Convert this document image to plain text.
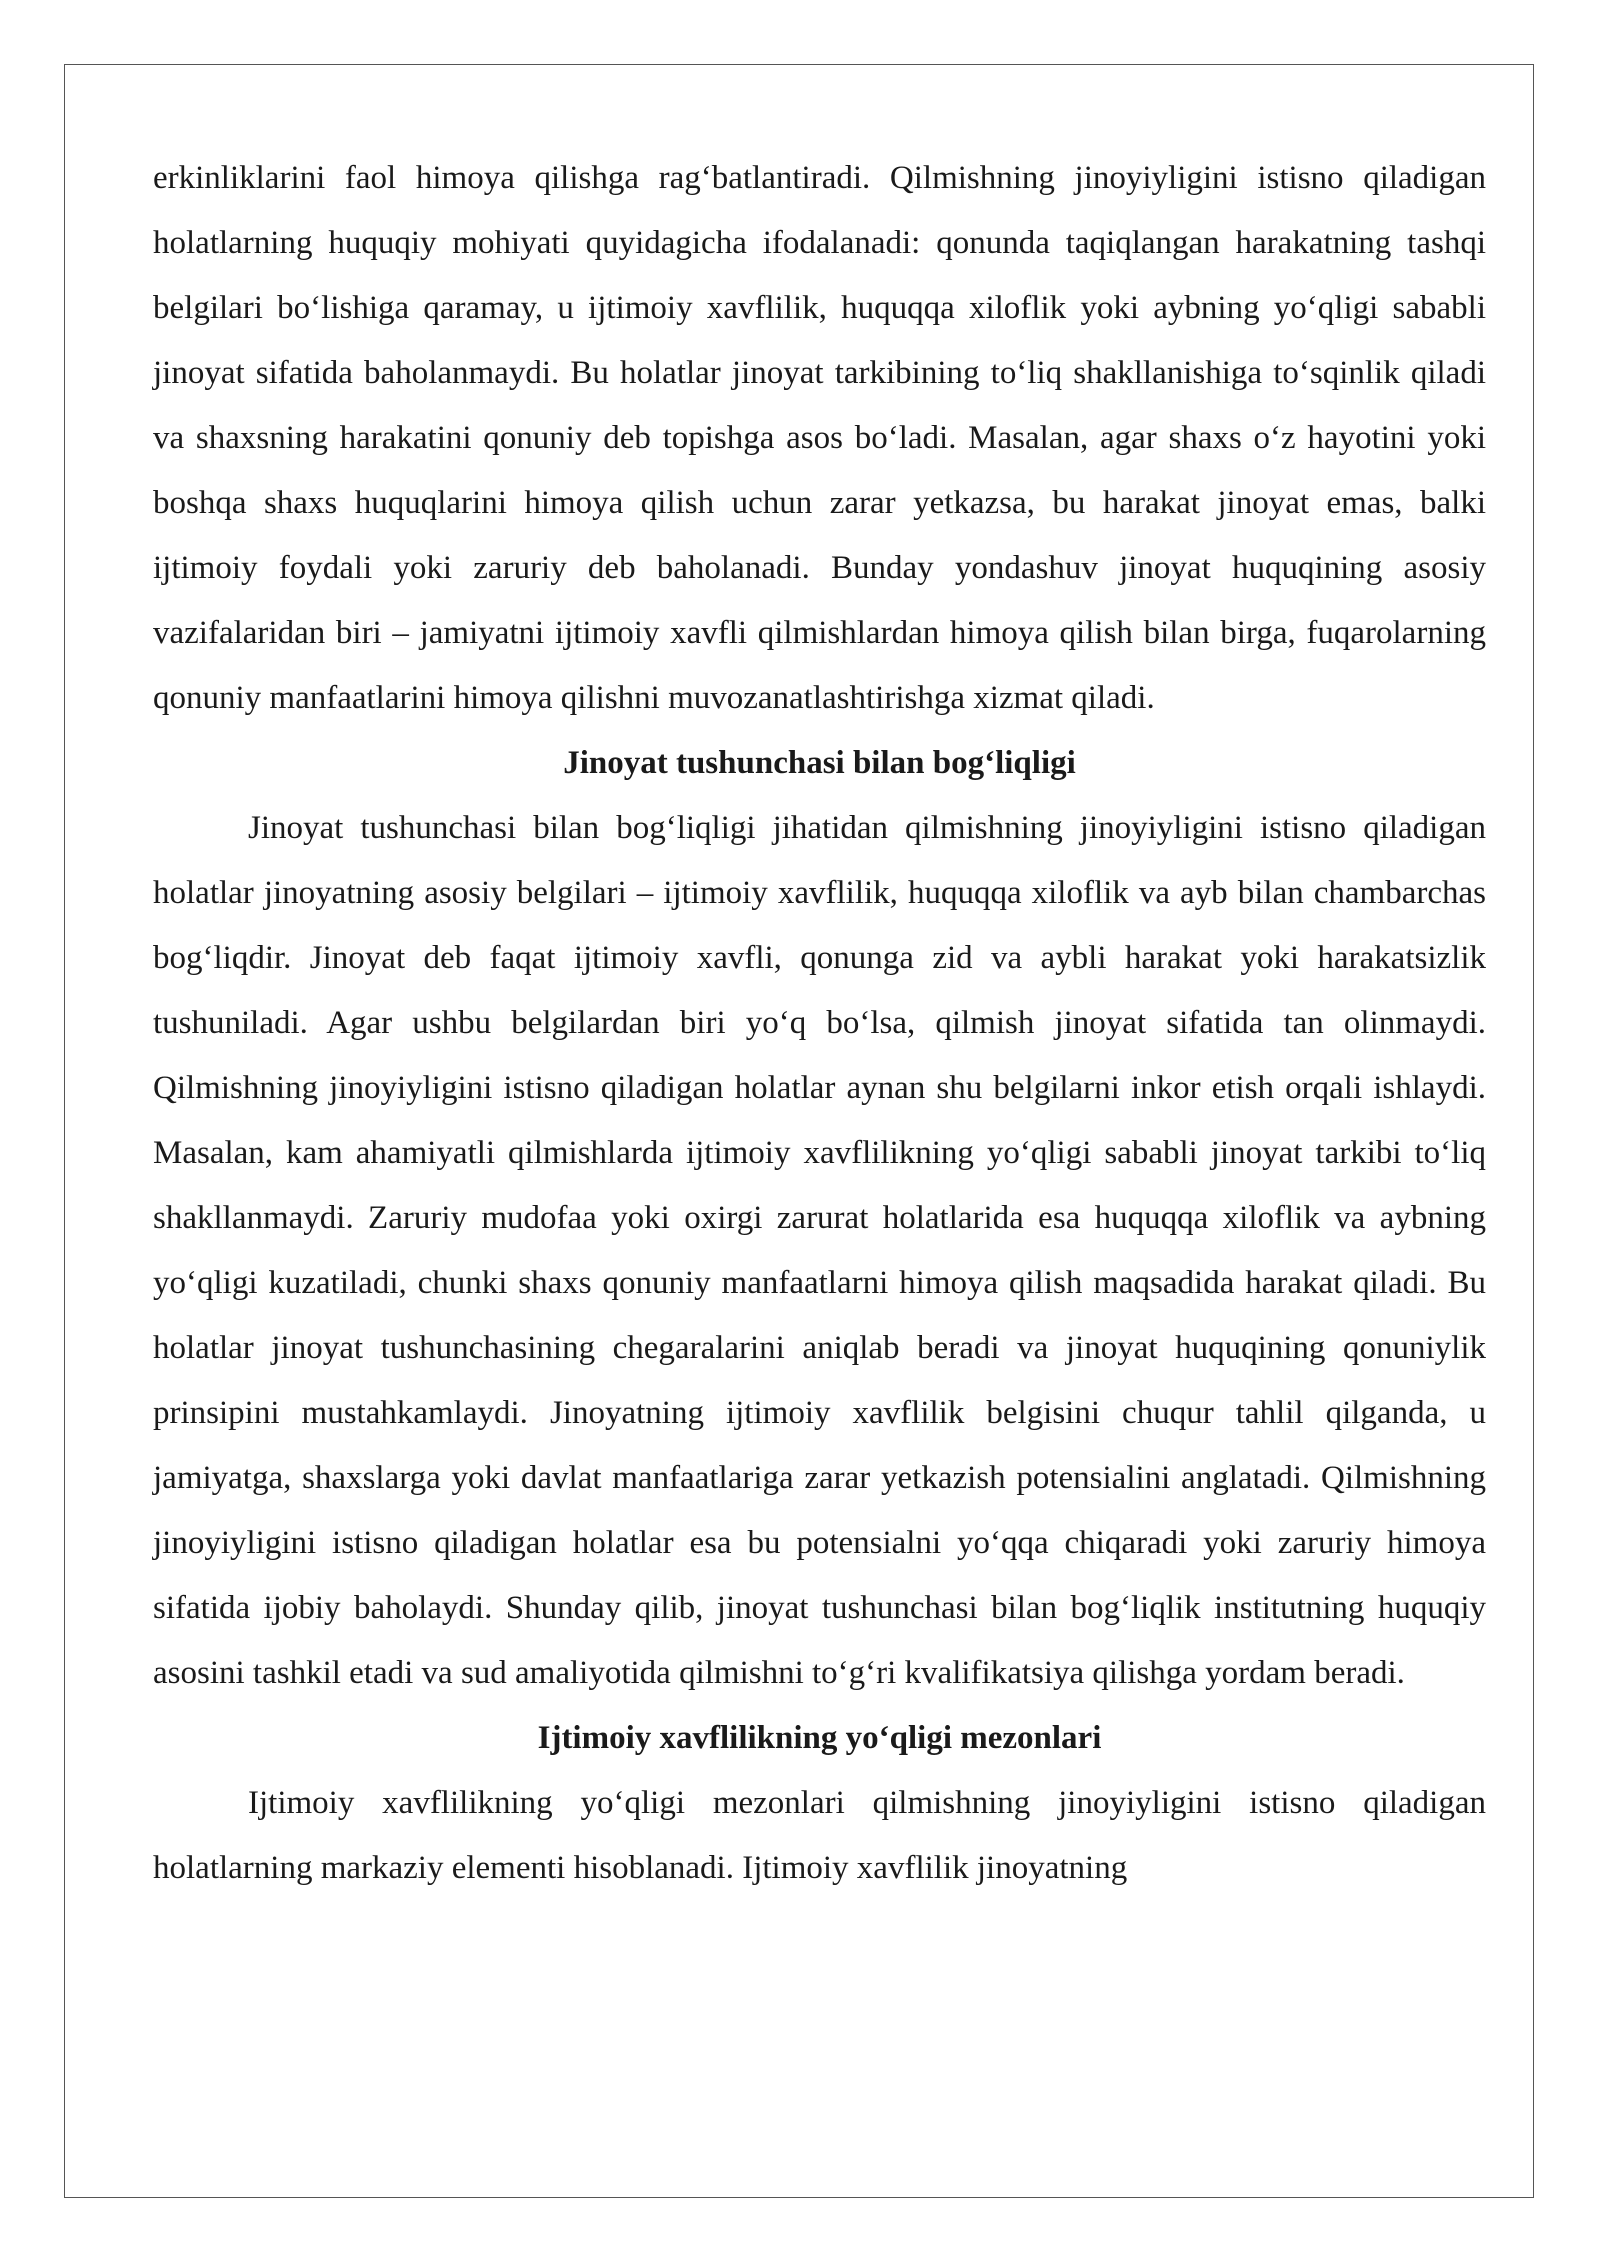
erkinliklarini faol himoya qilishga rag‘batlantiradi. Qilmishning jinoyiyligini istisno qiladigan holatlarning huquqiy mohiyati quyidagicha ifodalanadi: qonunda taqiqlangan harakatning tashqi belgilari bo‘lishiga qaramay, u ijtimoiy xavflilik, huquqqa xiloflik yoki aybning yo‘qligi sababli jinoyat sifatida baholanmaydi. Bu holatlar jinoyat tarkibining to‘liq shakllanishiga to‘sqinlik qiladi va shaxsning harakatini qonuniy deb topishga asos bo‘ladi. Masalan, agar shaxs o‘z hayotini yoki boshqa shaxs huquqlarini himoya qilish uchun zarar yetkazsa, bu harakat jinoyat emas, balki ijtimoiy foydali yoki zaruriy deb baholanadi. Bunday yondashuv jinoyat huquqining asosiy vazifalaridan biri – jamiyatni ijtimoiy xavfli qilmishlardan himoya qilish bilan birga, fuqarolarning qonuniy manfaatlarini himoya qilishni muvozanatlashtirishga xizmat qiladi.

Jinoyat tushunchasi bilan bog‘liqligi

Jinoyat tushunchasi bilan bog‘liqligi jihatidan qilmishning jinoyiyligini istisno qiladigan holatlar jinoyatning asosiy belgilari – ijtimoiy xavflilik, huquqqa xiloflik va ayb bilan chambarchas bog‘liqdir. Jinoyat deb faqat ijtimoiy xavfli, qonunga zid va aybli harakat yoki harakatsizlik tushuniladi. Agar ushbu belgilardan biri yo‘q bo‘lsa, qilmish jinoyat sifatida tan olinmaydi. Qilmishning jinoyiyligini istisno qiladigan holatlar aynan shu belgilarni inkor etish orqali ishlaydi. Masalan, kam ahamiyatli qilmishlarda ijtimoiy xavflilikning yo‘qligi sababli jinoyat tarkibi to‘liq shakllanmaydi. Zaruriy mudofaa yoki oxirgi zarurat holatlarida esa huquqqa xiloflik va aybning yo‘qligi kuzatiladi, chunki shaxs qonuniy manfaatlarni himoya qilish maqsadida harakat qiladi. Bu holatlar jinoyat tushunchasining chegaralarini aniqlab beradi va jinoyat huquqining qonuniylik prinsipini mustahkamlaydi. Jinoyatning ijtimoiy xavflilik belgisini chuqur tahlil qilganda, u jamiyatga, shaxslarga yoki davlat manfaatlariga zarar yetkazish potensialini anglatadi. Qilmishning jinoyiyligini istisno qiladigan holatlar esa bu potensialni yo‘qqa chiqaradi yoki zaruriy himoya sifatida ijobiy baholaydi. Shunday qilib, jinoyat tushunchasi bilan bog‘liqlik institutning huquqiy asosini tashkil etadi va sud amaliyotida qilmishni to‘g‘ri kvalifikatsiya qilishga yordam beradi.

Ijtimoiy xavflilikning yo‘qligi mezonlari

Ijtimoiy xavflilikning yo‘qligi mezonlari qilmishning jinoyiyligini istisno qiladigan holatlarning markaziy elementi hisoblanadi. Ijtimoiy xavflilik jinoyatning
